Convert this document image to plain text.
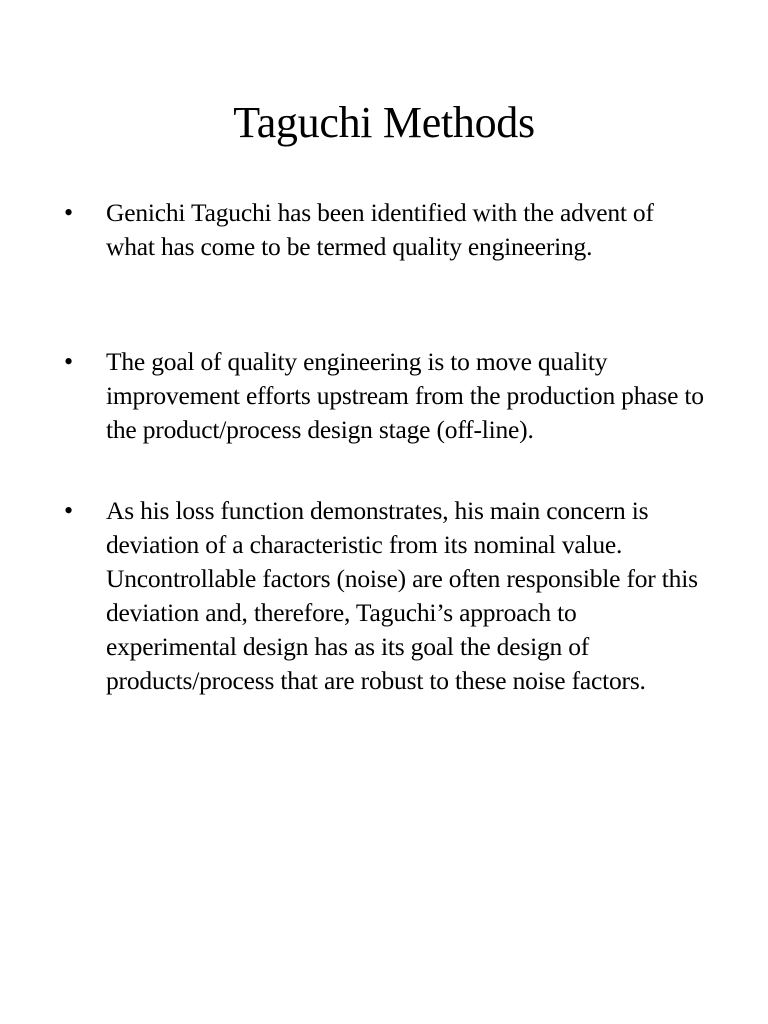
Taguchi Methods
• Genichi Taguchi has been identified with the advent of what has come to be termed quality engineering.
• The goal of quality engineering is to move quality improvement efforts upstream from the production phase to the product/process design stage (off-line).
• As his loss function demonstrates, his main concern is deviation of a characteristic from its nominal value. Uncontrollable factors (noise) are often responsible for this deviation and, therefore, Taguchi’s approach to experimental design has as its goal the design of products/process that are robust to these noise factors.
